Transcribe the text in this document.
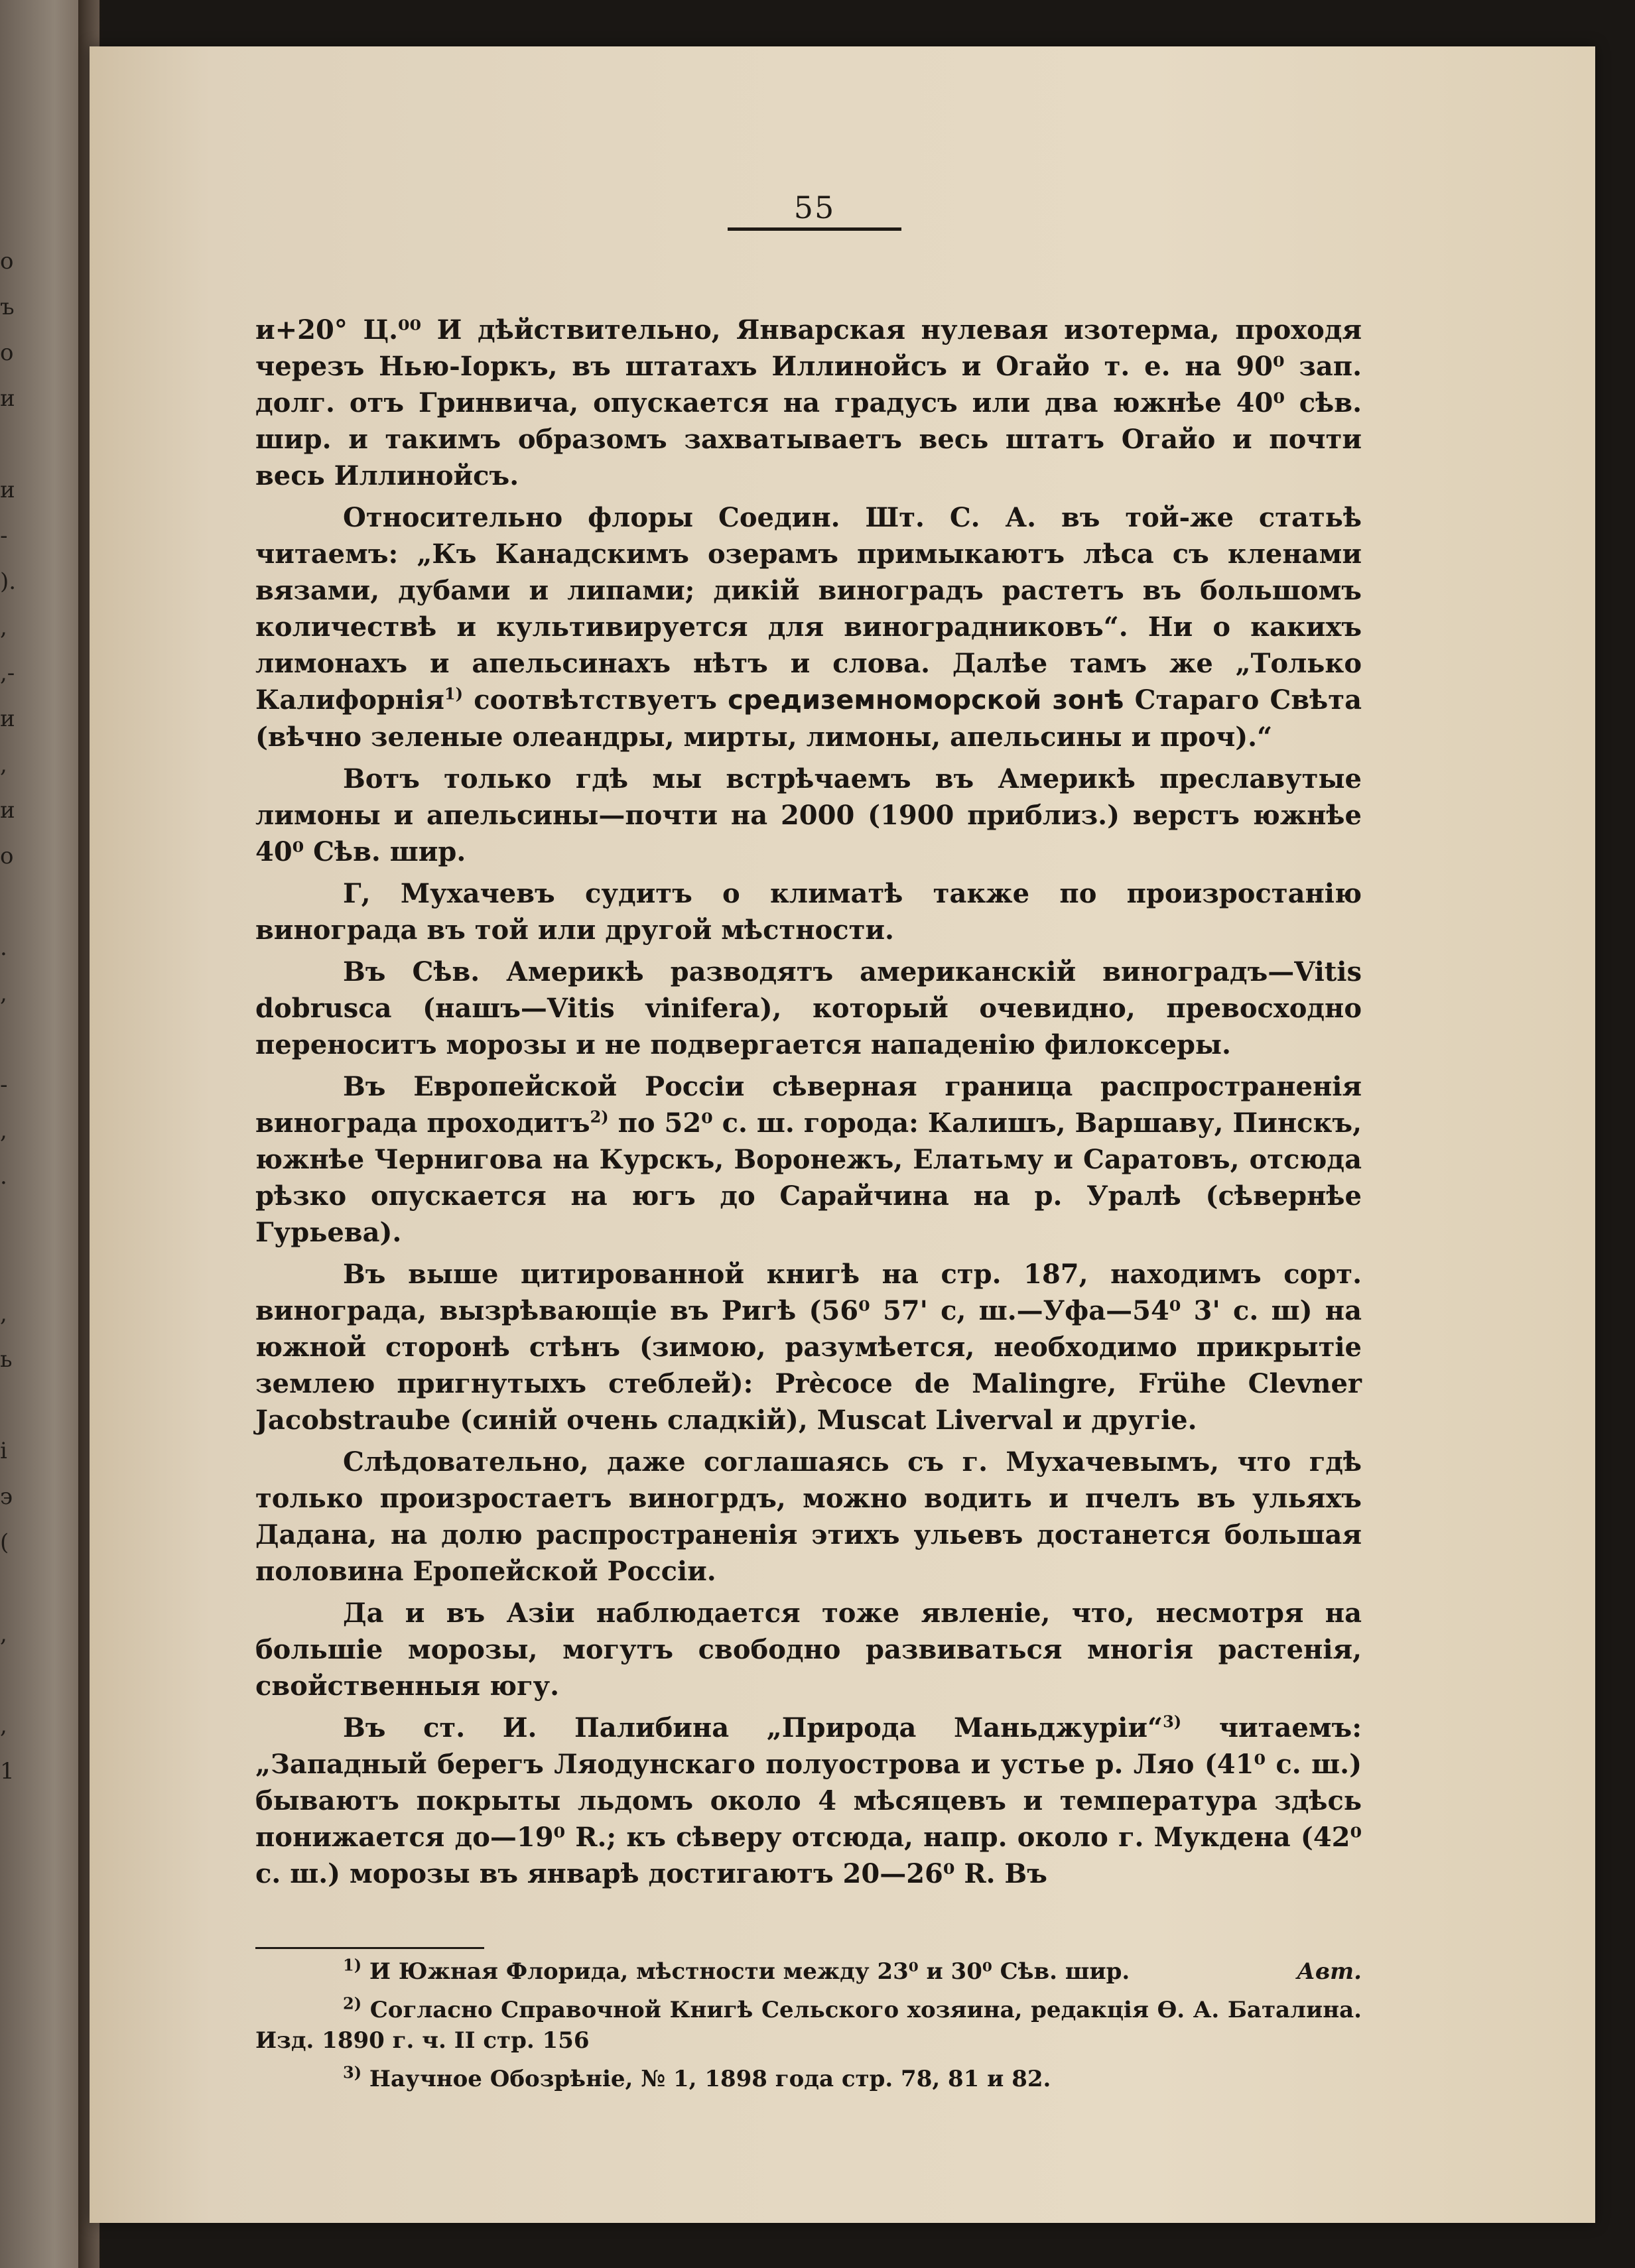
о
ъ
о
и
и
-
).
,
,-
и
,
и
о
.
,
-
,
.
,
ь
і
э
(
,
,
1
55

и+20° Ц.⁰⁰ И дѣйствительно, Январская нулевая изотерма, проходя черезъ Нью-Іоркъ, въ штатахъ Иллинойсъ и Огайо т. е. на 90⁰ зап. долг. отъ Гринвича, опускается на градусъ или два южнѣе 40⁰ сѣв. шир. и такимъ образомъ захватываетъ весь штатъ Огайо и почти весь Иллинойсъ.

Относительно флоры Соедин. Шт. С. А. въ той-же статьѣ читаемъ: „Къ Канадскимъ озерамъ примыкаютъ лѣса съ кленами вязами, дубами и липами; дикій виноградъ растетъ въ большомъ количествѣ и культивируется для виноградниковъ“. Ни о какихъ лимонахъ и апельсинахъ нѣтъ и слова. Далѣе тамъ же „Только Калифорнія$^{1)}$ соотвѣтствуетъ средиземноморской зонѣ Стараго Свѣта (вѣчно зеленые олеандры, мирты, лимоны, апельсины и проч).“

Вотъ только гдѣ мы встрѣчаемъ въ Америкѣ преславутые лимоны и апельсины—почти на 2000 (1900 приблиз.) верстъ южнѣе 40⁰ Сѣв. шир.

Г, Мухачевъ судитъ о климатѣ также по произростанію винограда въ той или другой мѣстности.

Въ Сѣв. Америкѣ разводятъ американскій виноградъ—Vitis dobrusca (нашъ—Vitis vinifera), который очевидно, превосходно переноситъ морозы и не подвергается нападенію филоксеры.

Въ Европейской Россіи сѣверная граница распространенія винограда проходитъ$^{2)}$ по 52⁰ с. ш. города: Калишъ, Варшаву, Пинскъ, южнѣе Чернигова на Курскъ, Воронежъ, Елатьму и Саратовъ, отсюда рѣзко опускается на югъ до Сарайчина на р. Уралѣ (сѣвернѣе Гурьева).

Въ выше цитированной книгѣ на стр. 187, находимъ сорт. винограда, вызрѣвающіе въ Ригѣ (56⁰ 57' с, ш.—Уфа—54⁰ 3' с. ш) на южной сторонѣ стѣнъ (зимою, разумѣется, необходимо прикрытіе землею пригнутыхъ стеблей): Prècoce de Malingre, Frühe Clevner Jacobstraube (синій очень сладкій), Muscat Liverval и другіе.

Слѣдовательно, даже соглашаясь съ г. Мухачевымъ, что гдѣ только произростаетъ виногрдъ, можно водить и пчелъ въ ульяхъ Дадана, на долю распространенія этихъ ульевъ достанется большая половина Еропейской Россіи.

Да и въ Азіи наблюдается тоже явленіе, что, несмотря на большіе морозы, могутъ свободно развиваться многія растенія, свойственныя югу.

Въ ст. И. Палибина „Природа Маньджуріи“$^{3)}$ читаемъ: „Западный берегъ Ляодунскаго полуострова и устье р. Ляо (41⁰ с. ш.) бываютъ покрыты льдомъ около 4 мѣсяцевъ и температура здѣсь понижается до—19⁰ R.; къ сѣверу отсюда, напр. около г. Мукдена (42⁰ с. ш.) морозы въ январѣ достигаютъ 20—26⁰ R. Въ

$^{1)}$ И Южная Флорида, мѣстности между 23⁰ и 30⁰ Сѣв. шир.	Авт.
$^{2)}$ Согласно Справочной Книгѣ Сельского хозяина, редакція Ѳ. А. Баталина. Изд. 1890 г. ч. II стр. 156
$^{3)}$ Научное Обозрѣніе, № 1, 1898 года стр. 78, 81 и 82.
